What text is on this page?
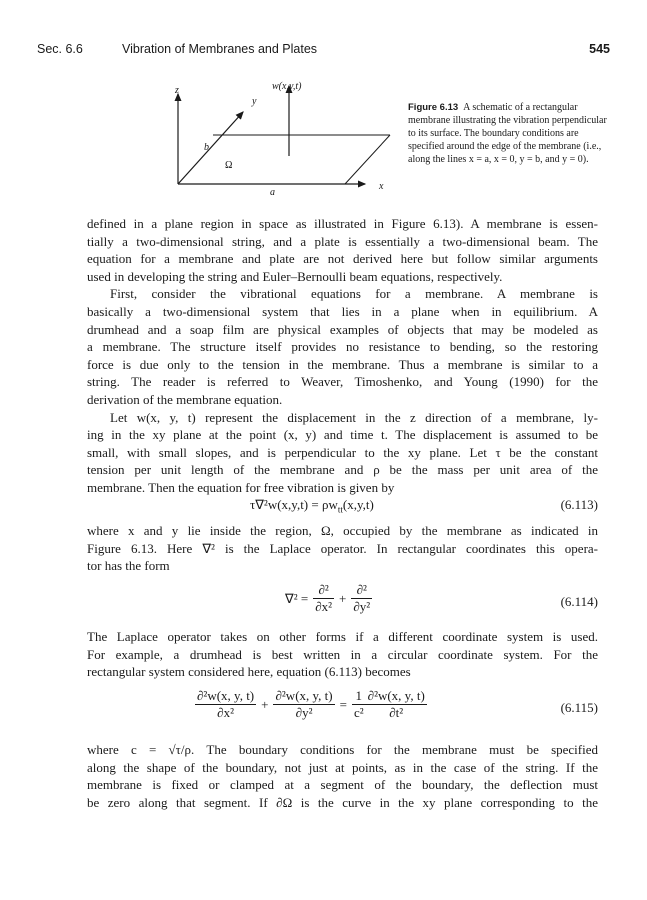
Sec. 6.6	Vibration of Membranes and Plates	545
z
y
w(x,y,t)
b
Ω
a
x
Figure 6.13 A schematic of a rectangular membrane illustrating the vibration perpendicular to its surface. The boundary conditions are specified around the edge of the membrane (i.e., along the lines x = a, x = 0, y = b, and y = 0).
defined in a plane region in space as illustrated in Figure 6.13). A membrane is essen-
tially a two-dimensional string, and a plate is essentially a two-dimensional beam. The
equation for a membrane and plate are not derived here but follow similar arguments
used in developing the string and Euler–Bernoulli beam equations, respectively.
First, consider the vibrational equations for a membrane. A membrane is
basically a two-dimensional system that lies in a plane when in equilibrium. A
drumhead and a soap film are physical examples of objects that may be modeled as
a membrane. The structure itself provides no resistance to bending, so the restoring
force is due only to the tension in the membrane. Thus a membrane is similar to a
string. The reader is referred to Weaver, Timoshenko, and Young (1990) for the
derivation of the membrane equation.
Let w(x, y, t) represent the displacement in the z direction of a membrane, ly-
ing in the xy plane at the point (x, y) and time t. The displacement is assumed to be
small, with small slopes, and is perpendicular to the xy plane. Let τ be the constant
tension per unit length of the membrane and ρ be the mass per unit area of the
membrane. Then the equation for free vibration is given by
$\tau\nabla^2w(x,y,t) = \rho w_{tt}(x,y,t)$	(6.113)
where x and y lie inside the region, Ω, occupied by the membrane as indicated in
Figure 6.13. Here ∇² is the Laplace operator. In rectangular coordinates this opera-
tor has the form
$\nabla^2 = \frac{\text{∂²}}{\text{∂x²}} + \frac{\text{∂²}}{\text{∂y²}}$	(6.114)
The Laplace operator takes on other forms if a different coordinate system is used.
For example, a drumhead is best written in a circular coordinate system. For the
rectangular system considered here, equation (6.113) becomes
$\frac{\text{∂²w(x, y, t)}}{\text{∂x²}} + \frac{\text{∂²w(x, y, t)}}{\text{∂y²}} = \frac{1}{\text{c²}} \frac{\text{∂²w(x, y, t)}}{\text{∂t²}}$	(6.115)
where c = √τ/ρ. The boundary conditions for the membrane must be specified
along the shape of the boundary, not just at points, as in the case of the string. If the
membrane is fixed or clamped at a segment of the boundary, the deflection must
be zero along that segment. If ∂Ω is the curve in the xy plane corresponding to the
